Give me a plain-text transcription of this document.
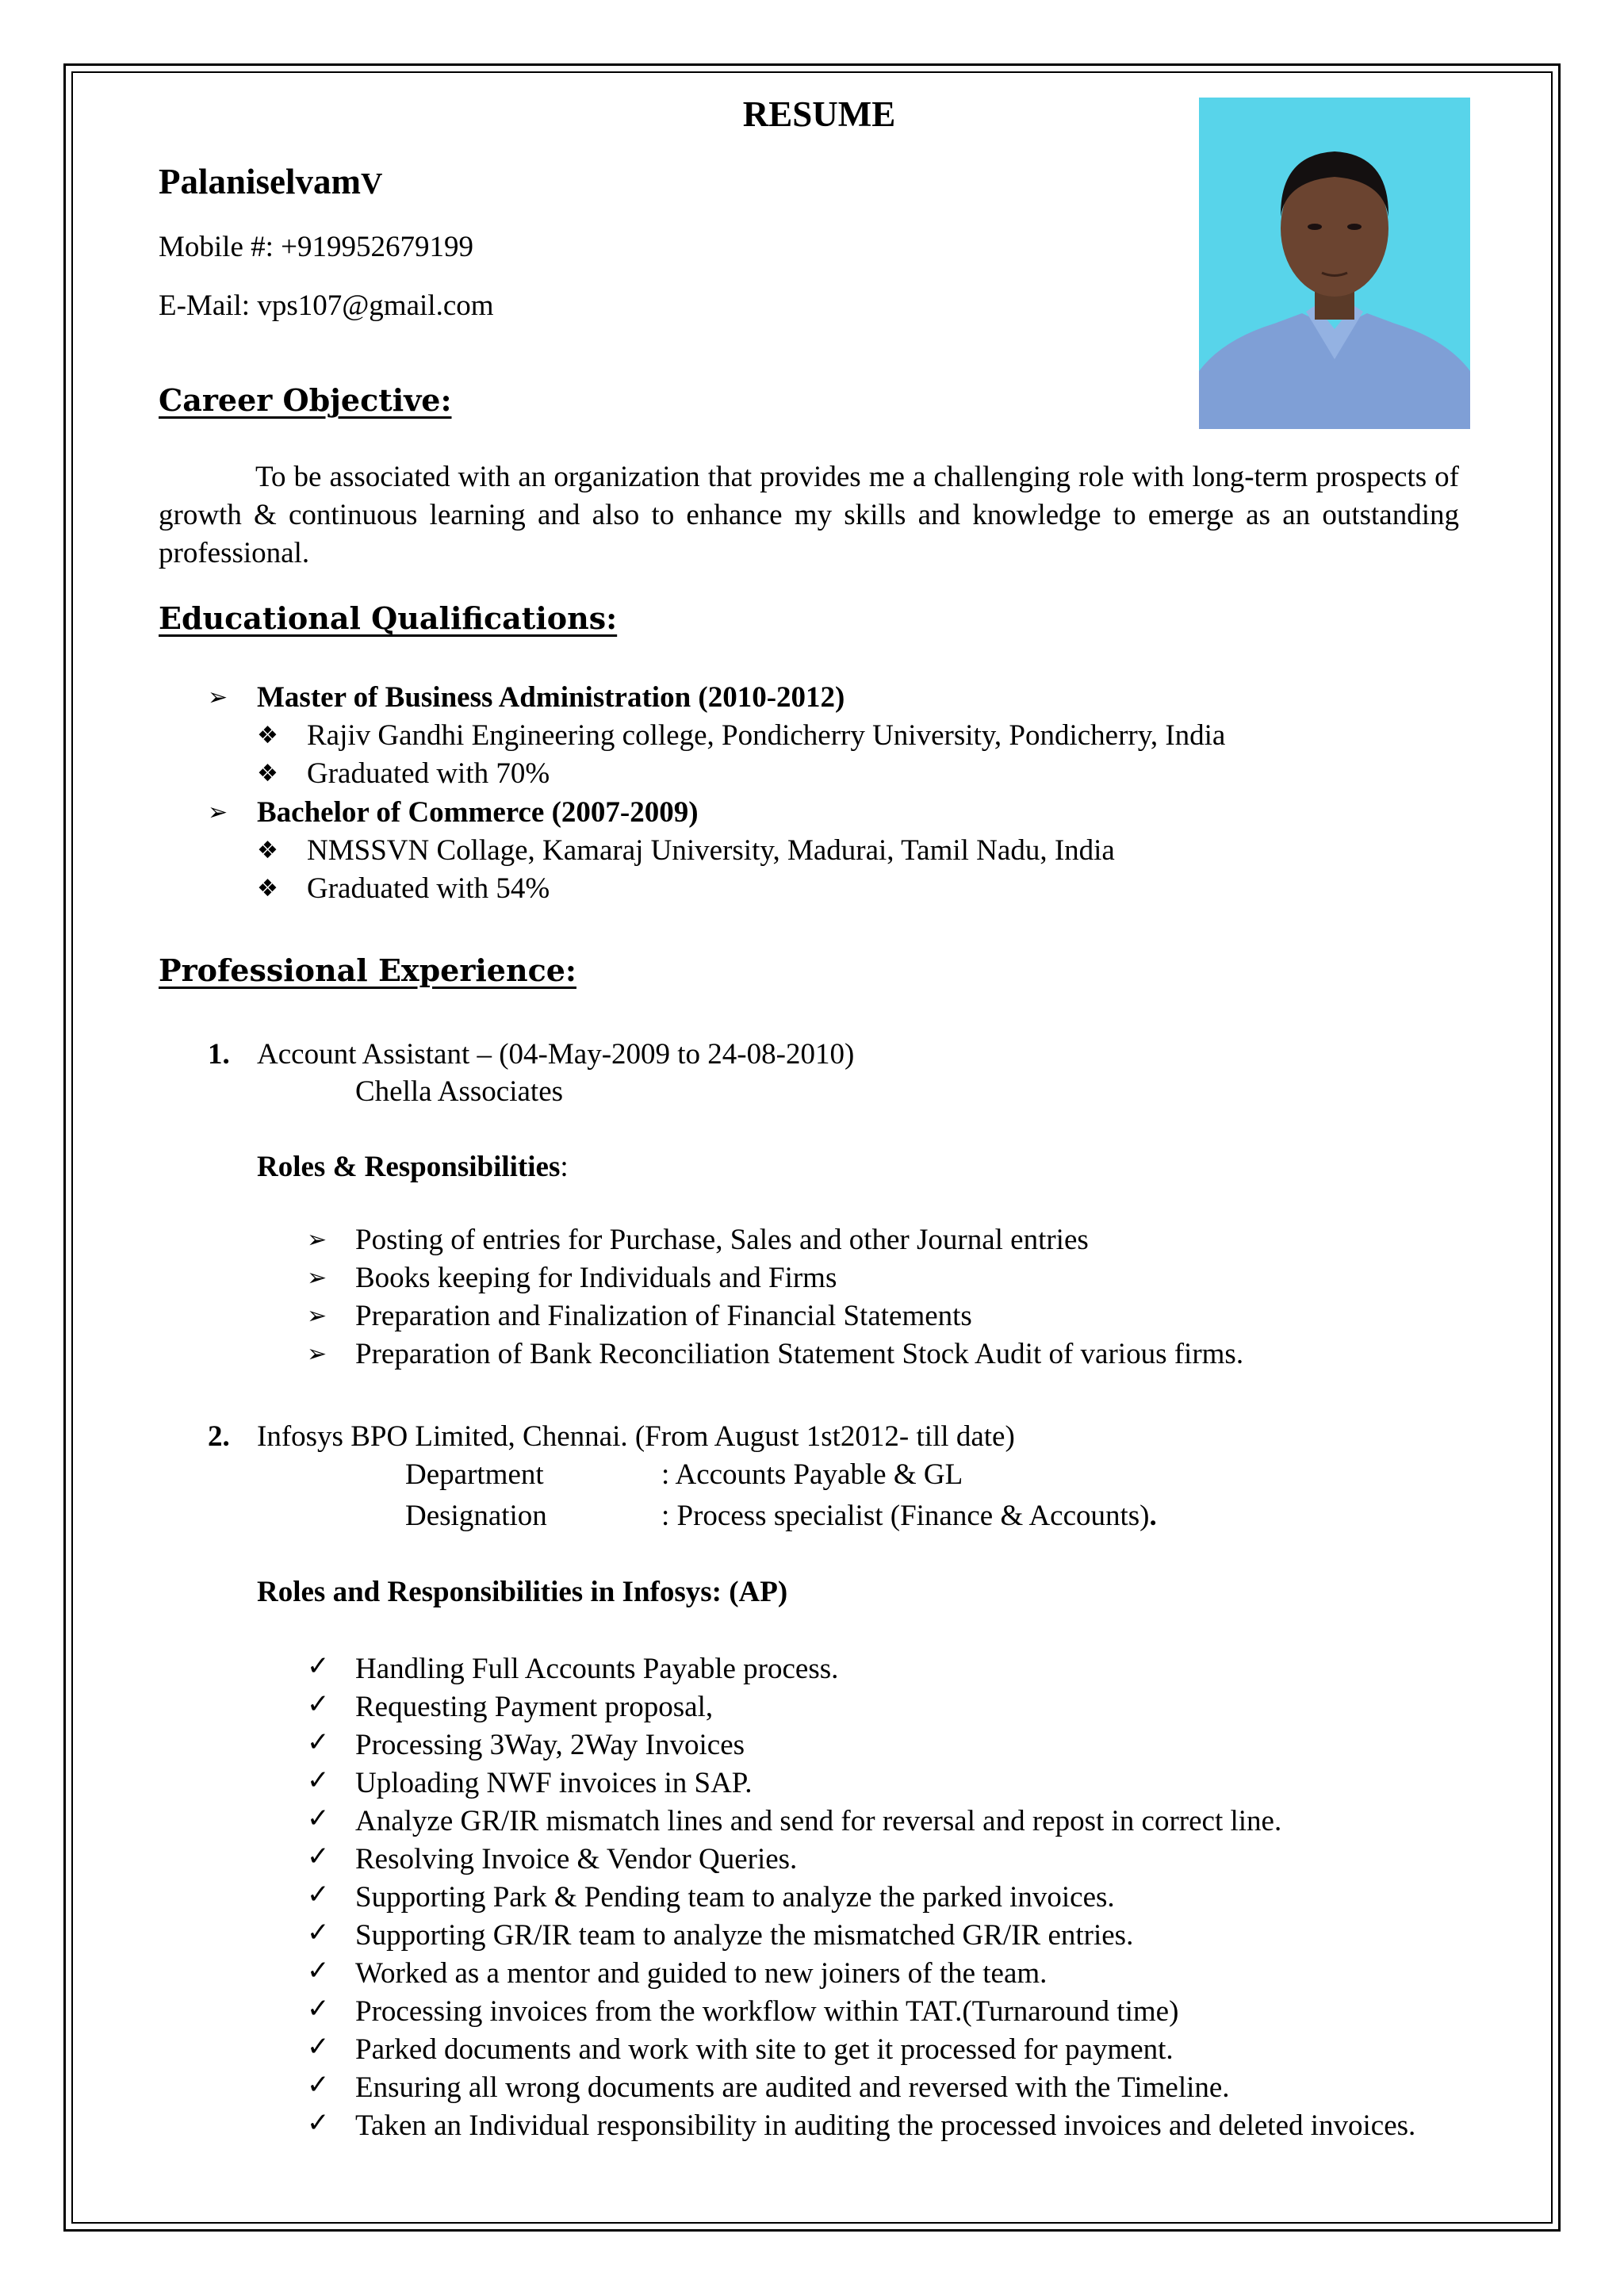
RESUME
PalaniselvamV
Mobile #: +919952679199
E-Mail: vps107@gmail.com
Career Objective:
To be associated with an organization that provides me a challenging role with long-term prospects of growth & continuous learning and also to enhance my skills and knowledge to emerge as an outstanding professional.
Educational Qualifications:
➢ Master of Business Administration (2010-2012)
❖ Rajiv Gandhi Engineering college, Pondicherry University, Pondicherry, India
❖ Graduated with 70%
➢ Bachelor of Commerce (2007-2009)
❖ NMSSVN Collage, Kamaraj University, Madurai, Tamil Nadu, India
❖ Graduated with 54%
Professional Experience:
1. Account Assistant – (04-May-2009 to 24-08-2010)
Chella Associates
Roles & Responsibilities:
➢ Posting of entries for Purchase, Sales and other Journal entries
➢ Books keeping for Individuals and Firms
➢ Preparation and Finalization of Financial Statements
➢ Preparation of Bank Reconciliation Statement Stock Audit of various firms.
2. Infosys BPO Limited, Chennai. (From August 1st2012- till date)
Department	: Accounts Payable & GL
Designation	: Process specialist (Finance & Accounts).
Roles and Responsibilities in Infosys: (AP)
✓ Handling Full Accounts Payable process.
✓ Requesting Payment proposal,
✓ Processing 3Way, 2Way Invoices
✓ Uploading NWF invoices in SAP.
✓ Analyze GR/IR mismatch lines and send for reversal and repost in correct line.
✓ Resolving Invoice & Vendor Queries.
✓ Supporting Park & Pending team to analyze the parked invoices.
✓ Supporting GR/IR team to analyze the mismatched GR/IR entries.
✓ Worked as a mentor and guided to new joiners of the team.
✓ Processing invoices from the workflow within TAT.(Turnaround time)
✓ Parked documents and work with site to get it processed for payment.
✓ Ensuring all wrong documents are audited and reversed with the Timeline.
✓ Taken an Individual responsibility in auditing the processed invoices and deleted invoices.
